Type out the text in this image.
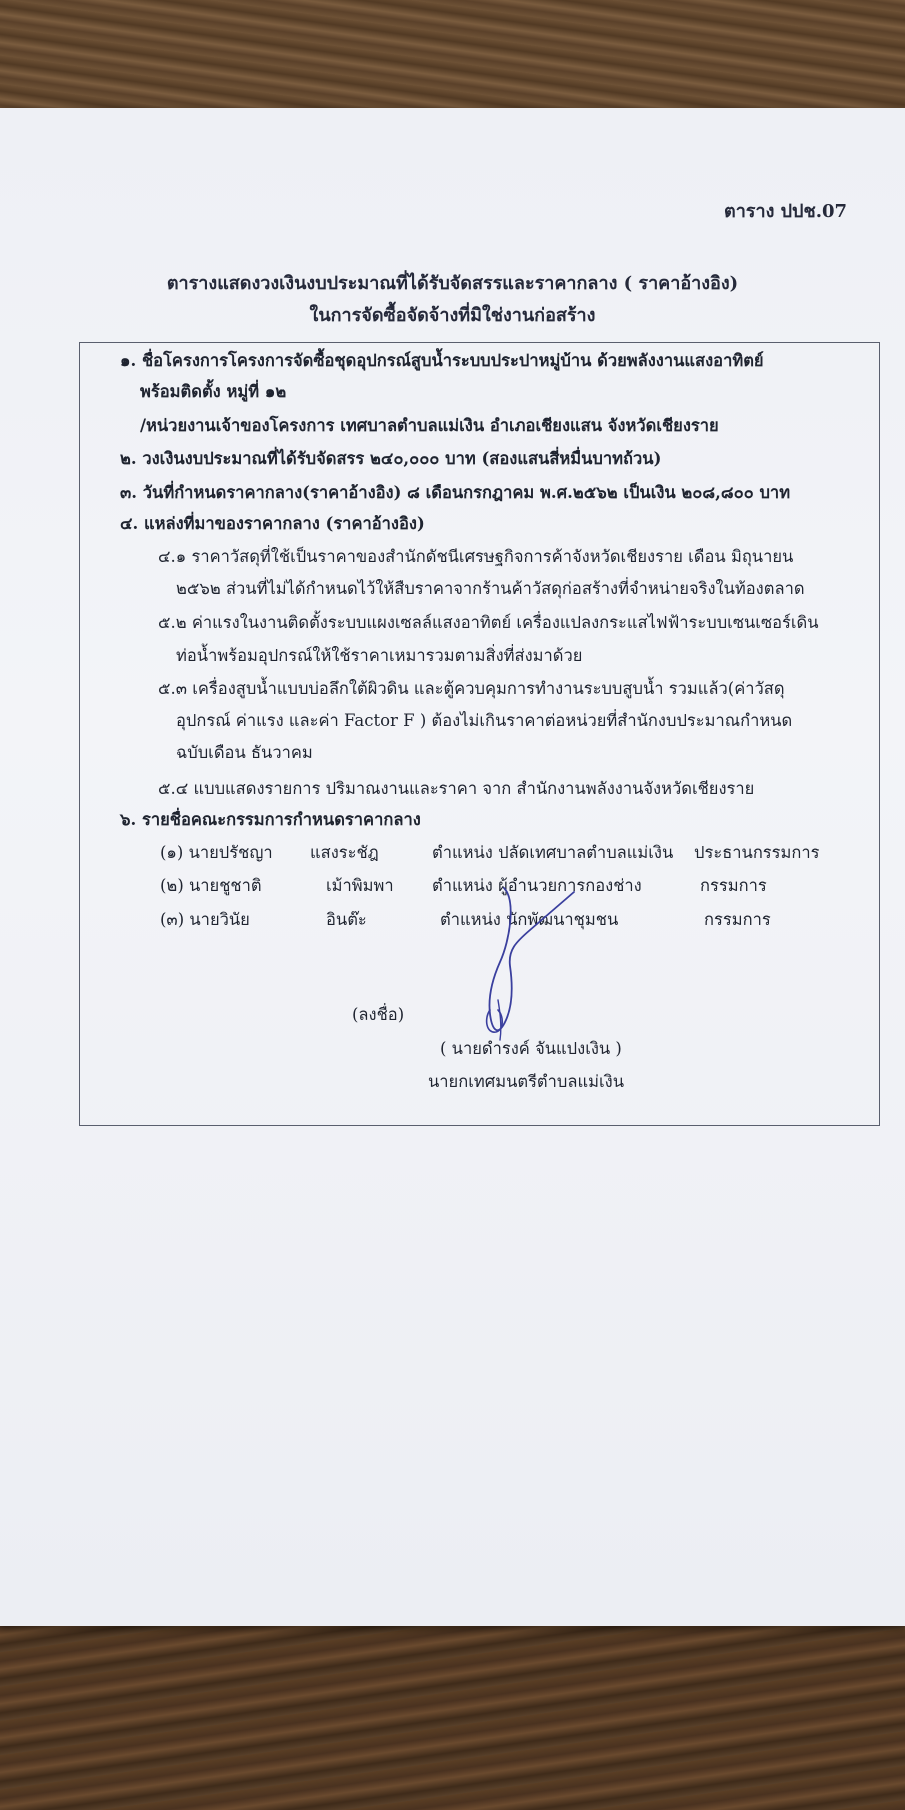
ตาราง ปปช.07
ตารางแสดงวงเงินงบประมาณที่ได้รับจัดสรรและราคากลาง ( ราคาอ้างอิง)
ในการจัดซื้อจัดจ้างที่มิใช่งานก่อสร้าง
๑. ชื่อโครงการโครงการจัดซื้อชุดอุปกรณ์สูบน้ำระบบประปาหมู่บ้าน ด้วยพลังงานแสงอาทิตย์
พร้อมติดตั้ง หมู่ที่ ๑๒
/หน่วยงานเจ้าของโครงการ เทศบาลตำบลแม่เงิน อำเภอเชียงแสน จังหวัดเชียงราย
๒. วงเงินงบประมาณที่ได้รับจัดสรร ๒๔๐,๐๐๐ บาท (สองแสนสี่หมื่นบาทถ้วน)
๓. วันที่กำหนดราคากลาง(ราคาอ้างอิง) ๘ เดือนกรกฎาคม พ.ศ.๒๕๖๒ เป็นเงิน ๒๐๘,๘๐๐ บาท
๔. แหล่งที่มาของราคากลาง (ราคาอ้างอิง)
๔.๑ ราคาวัสดุที่ใช้เป็นราคาของสำนักดัชนีเศรษฐกิจการค้าจังหวัดเชียงราย เดือน มิถุนายน
๒๕๖๒ ส่วนที่ไม่ได้กำหนดไว้ให้สืบราคาจากร้านค้าวัสดุก่อสร้างที่จำหน่ายจริงในท้องตลาด
๕.๒ ค่าแรงในงานติดตั้งระบบแผงเซลล์แสงอาทิตย์ เครื่องแปลงกระแสไฟฟ้าระบบเซนเซอร์เดิน
ท่อน้ำพร้อมอุปกรณ์ให้ใช้ราคาเหมารวมตามสิ่งที่ส่งมาด้วย
๕.๓ เครื่องสูบน้ำแบบบ่อลึกใต้ผิวดิน และตู้ควบคุมการทำงานระบบสูบน้ำ รวมแล้ว(ค่าวัสดุ
อุปกรณ์ ค่าแรง และค่า Factor F ) ต้องไม่เกินราคาต่อหน่วยที่สำนักงบประมาณกำหนด
ฉบับเดือน ธันวาคม
๕.๔ แบบแสดงรายการ ปริมาณงานและราคา จาก สำนักงานพลังงานจังหวัดเชียงราย
๖. รายชื่อคณะกรรมการกำหนดราคากลาง
(๑) นายปรัชญา แสงระชัฎ	ตำแหน่ง ปลัดเทศบาลตำบลแม่เงิน ประธานกรรมการ
(๒) นายชูชาติ	เม้าพิมพา ตำแหน่ง ผู้อำนวยการกองช่าง	กรรมการ
(๓) นายวินัย	อินต๊ะ	ตำแหน่ง นักพัฒนาชุมชน	กรรมการ
(ลงชื่อ)
( นายดำรงค์ จันแปงเงิน )
นายกเทศมนตรีตำบลแม่เงิน
